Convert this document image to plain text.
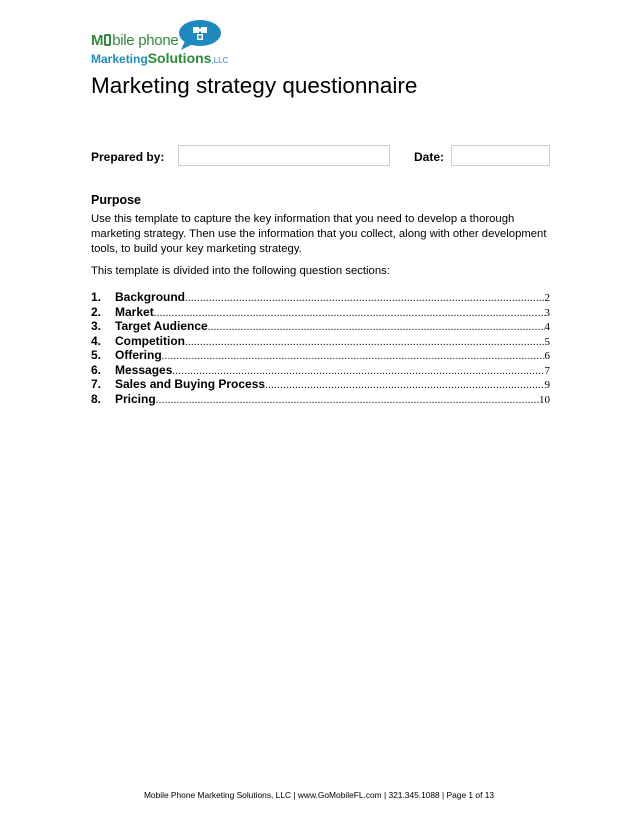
M bile phone
MarketingSolutions,LLC
Marketing strategy questionnaire
Prepared by:	Date:
Purpose
Use this template to capture the key information that you need to develop a thorough marketing strategy. Then use the information that you collect, along with other development tools, to build your key marketing strategy.
This template is divided into the following question sections:
1.	Background .....	2
2.	Market .....	3
3.	Target Audience .....	4
4.	Competition .....	5
5.	Offering .....	6
6.	Messages .....	7
7.	Sales and Buying Process .....	9
8.	Pricing .....	10
Mobile Phone Marketing Solutions, LLC | www.GoMobileFL.com | 321.345.1088 | Page 1 of 13
